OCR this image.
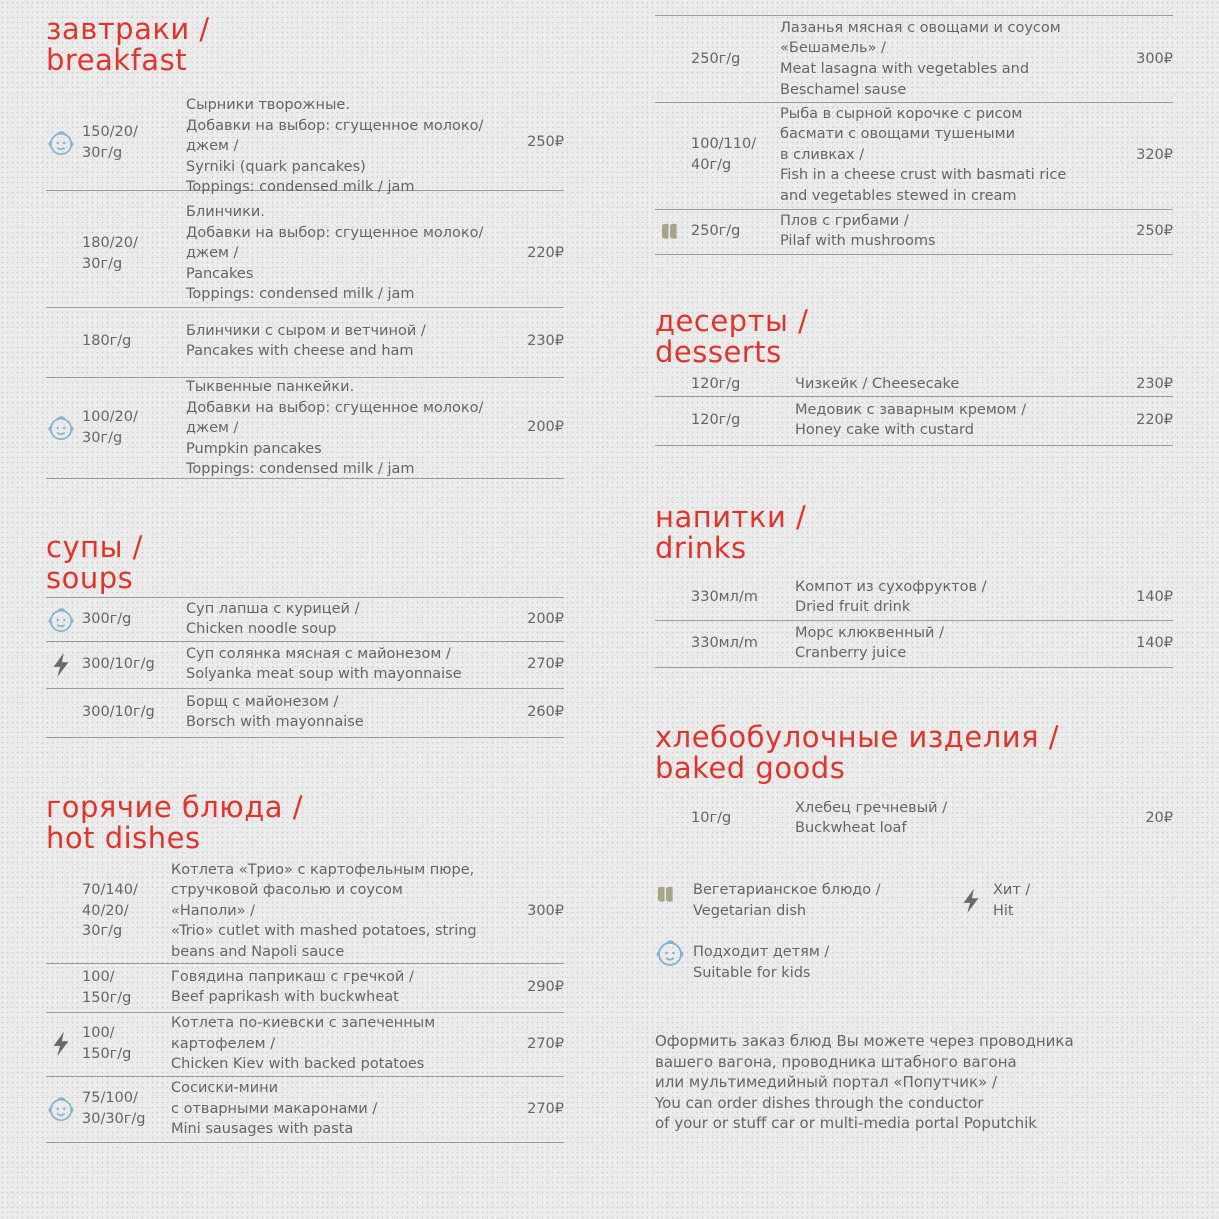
завтраки /
breakfast
150/20/
30г/g
Сырники творожные.
Добавки на выбор: сгущенное молоко/
джем /
Syrniki (quark pancakes)
Toppings: condensed milk / jam
250₽
180/20/
30г/g
Блинчики.
Добавки на выбор: сгущенное молоко/
джем /
Pancakes
Toppings: condensed milk / jam
220₽
180г/g
Блинчики с сыром и ветчиной /
Pancakes with cheese and ham
230₽
100/20/
30г/g
Тыквенные панкейки.
Добавки на выбор: сгущенное молоко/
джем /
Pumpkin pancakes
Toppings: condensed milk / jam
200₽
супы /
soups
300г/g
Суп лапша с курицей /
Chicken noodle soup
200₽
300/10г/g
Суп солянка мясная с майонезом /
Solyanka meat soup with mayonnaise
270₽
300/10г/g
Борщ с майонезом /
Borsch with mayonnaise
260₽
горячие блюда /
hot dishes
70/140/
40/20/
30г/g
Котлета «Трио» с картофельным пюре,
стручковой фасолью и соусом
«Наполи» /
«Trio» cutlet with mashed potatoes, string
beans and Napoli sauce
300₽
100/
150г/g
Говядина паприкаш с гречкой /
Beef paprikash with buckwheat
290₽
100/
150г/g
Котлета по-киевски с запеченным
картофелем /
Chicken Kiev with backed potatoes
270₽
75/100/
30/30г/g
Сосиски-мини
с отварными макаронами /
Mini sausages with pasta
270₽
250г/g
Лазанья мясная с овощами и соусом
«Бешамель» /
Meat lasagna with vegetables and
Beschamel sause
300₽
100/110/
40г/g
Рыба в сырной корочке с рисом
басмати с овощами тушеными
в сливках /
Fish in a cheese crust with basmati rice
and vegetables stewed in cream
320₽
250г/g
Плов с грибами /
Pilaf with mushrooms
250₽
десерты /
desserts
120г/g	Чизкейк / Cheesecake	230₽
120г/g
Медовик с заварным кремом /
Honey cake with custard
220₽
напитки /
drinks
330мл/m
Компот из сухофруктов /
Dried fruit drink
140₽
330мл/m
Морс клюквенный /
Cranberry juice
140₽
хлебобулочные изделия /
baked goods
10г/g
Хлебец гречневый /
Buckwheat loaf
20₽
Вегетарианское блюдо /
Vegetarian dish
Хит /
Hit
Подходит детям /
Suitable for kids
Оформить заказ блюд Вы можете через проводника
вашего вагона, проводника штабного вагона
или мультимедийный портал «Попутчик» /
You can order dishes through the conductor
of your or stuff car or multi-media portal Poputchik
